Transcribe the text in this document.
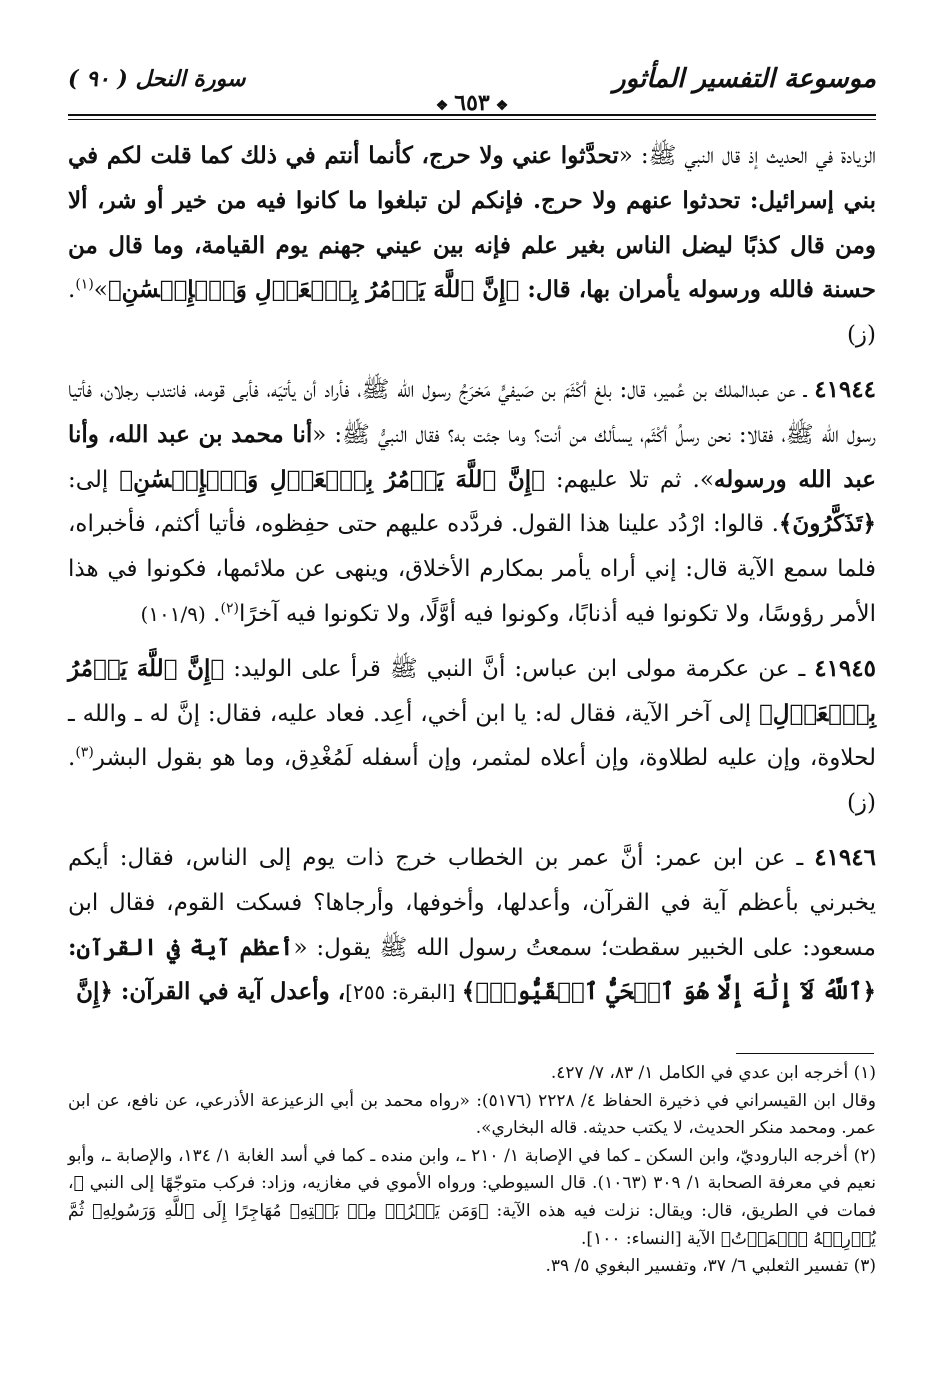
موسوعة التفسير المأثور
❖٦٥٣❖
سورة النحل ( ٩٠ )

الزيادة في الحديث إذ قال النبي ﷺ: «تحدَّثوا عني ولا حرج، كأنما أنتم في ذلك كما قلت لكم في بني إسرائيل: تحدثوا عنهم ولا حرج. فإنكم لن تبلغوا ما كانوا فيه من خير أو شر، ألا ومن قال كذبًا ليضل الناس بغير علم فإنه بين عيني جهنم يوم القيامة، وما قال من حسنة فالله ورسوله يأمران بها، قال: ﴿إِنَّ ٱللَّهَ يَأۡمُرُ بِٱلۡعَدۡلِ وَٱلۡإِحۡسَٰنِ﴾»$^{(١)}$. (ز)

٤١٩٤٤ ـ عن عبدالملك بن عُمير، قال: بلغ أكْثَمَ بن صَيفيٍّ مَخرَجُ رسول الله ﷺ، فأراد أن يأتيَه، فأبى قومه، فانتدب رجلان، فأتيا رسول الله ﷺ، فقالا: نحن رسلُ أكْثَم، يسألك من أنت؟ وما جئت به؟ فقال النبيُّ ﷺ: «أنا محمد بن عبد الله، وأنا عبد الله ورسوله». ثم تلا عليهم: ﴿إِنَّ ٱللَّهَ يَأۡمُرُ بِٱلۡعَدۡلِ وَٱلۡإِحۡسَٰنِ﴾ إلى: ﴿تَذَكَّرُونَ﴾. قالوا: ارْدُد علينا هذا القول. فردَّده عليهم حتى حفِظوه، فأتيا أكثم، فأخبراه، فلما سمع الآية قال: إني أراه يأمر بمكارم الأخلاق، وينهى عن ملائمها، فكونوا في هذا الأمر رؤوسًا، ولا تكونوا فيه أذنابًا، وكونوا فيه أوَّلًا، ولا تكونوا فيه آخرًا$^{(٢)}$. (١٠١/٩)

٤١٩٤٥ ـ عن عكرمة مولى ابن عباس: أنَّ النبي ﷺ قرأ على الوليد: ﴿إِنَّ ٱللَّهَ يَأۡمُرُ بِٱلۡعَدۡلِ﴾ إلى آخر الآية، فقال له: يا ابن أخي، أعِد. فعاد عليه، فقال: إنَّ له ـ والله ـ لحلاوة، وإن عليه لطلاوة، وإن أعلاه لمثمر، وإن أسفله لَمُغْدِق، وما هو بقول البشر$^{(٣)}$. (ز)

٤١٩٤٦ ـ عن ابن عمر: أنَّ عمر بن الخطاب خرج ذات يوم إلى الناس، فقال: أيكم يخبرني بأعظم آية في القرآن، وأعدلها، وأخوفها، وأرجاها؟ فسكت القوم، فقال ابن مسعود: على الخبير سقطت؛ سمعتُ رسول الله ﷺ يقول: «أعظم آية في القرآن: ﴿ٱللَّهُ لَآ إِلَٰهَ إِلَّا هُوَ ٱلۡحَيُّ ٱلۡقَيُّومُۚ﴾ [البقرة: ٢٥٥]، وأعدل آية في القرآن: ﴿إِنَّ

(١) أخرجه ابن عدي في الكامل ١/ ٨٣، ٧/ ٤٢٧.

وقال ابن القيسراني في ذخيرة الحفاظ ٤/ ٢٢٢٨ (٥١٧٦): «رواه محمد بن أبي الزعيزعة الأذرعي، عن نافع، عن ابن عمر. ومحمد منكر الحديث، لا يكتب حديثه. قاله البخاري».

(٢) أخرجه الباروديّ، وابن السكن ـ كما في الإصابة ١/ ٢١٠ ـ، وابن منده ـ كما في أسد الغابة ١/ ١٣٤، والإصابة ـ، وأبو نعيم في معرفة الصحابة ١/ ٣٠٩ (١٠٦٣). قال السيوطي: ورواه الأموي في مغازيه، وزاد: فركب متوجّهًا إلى النبي ﷺ، فمات في الطريق، قال: ويقال: نزلت فيه هذه الآية: ﴿وَمَن يَخۡرُجۡ مِنۢ بَيۡتِهِۦ مُهَاجِرًا إِلَى ٱللَّهِ وَرَسُولِهِۦ ثُمَّ يُدۡرِكۡهُ ٱلۡمَوۡتُ﴾ الآية [النساء: ١٠٠].

(٣) تفسير الثعلبي ٦/ ٣٧، وتفسير البغوي ٥/ ٣٩.
